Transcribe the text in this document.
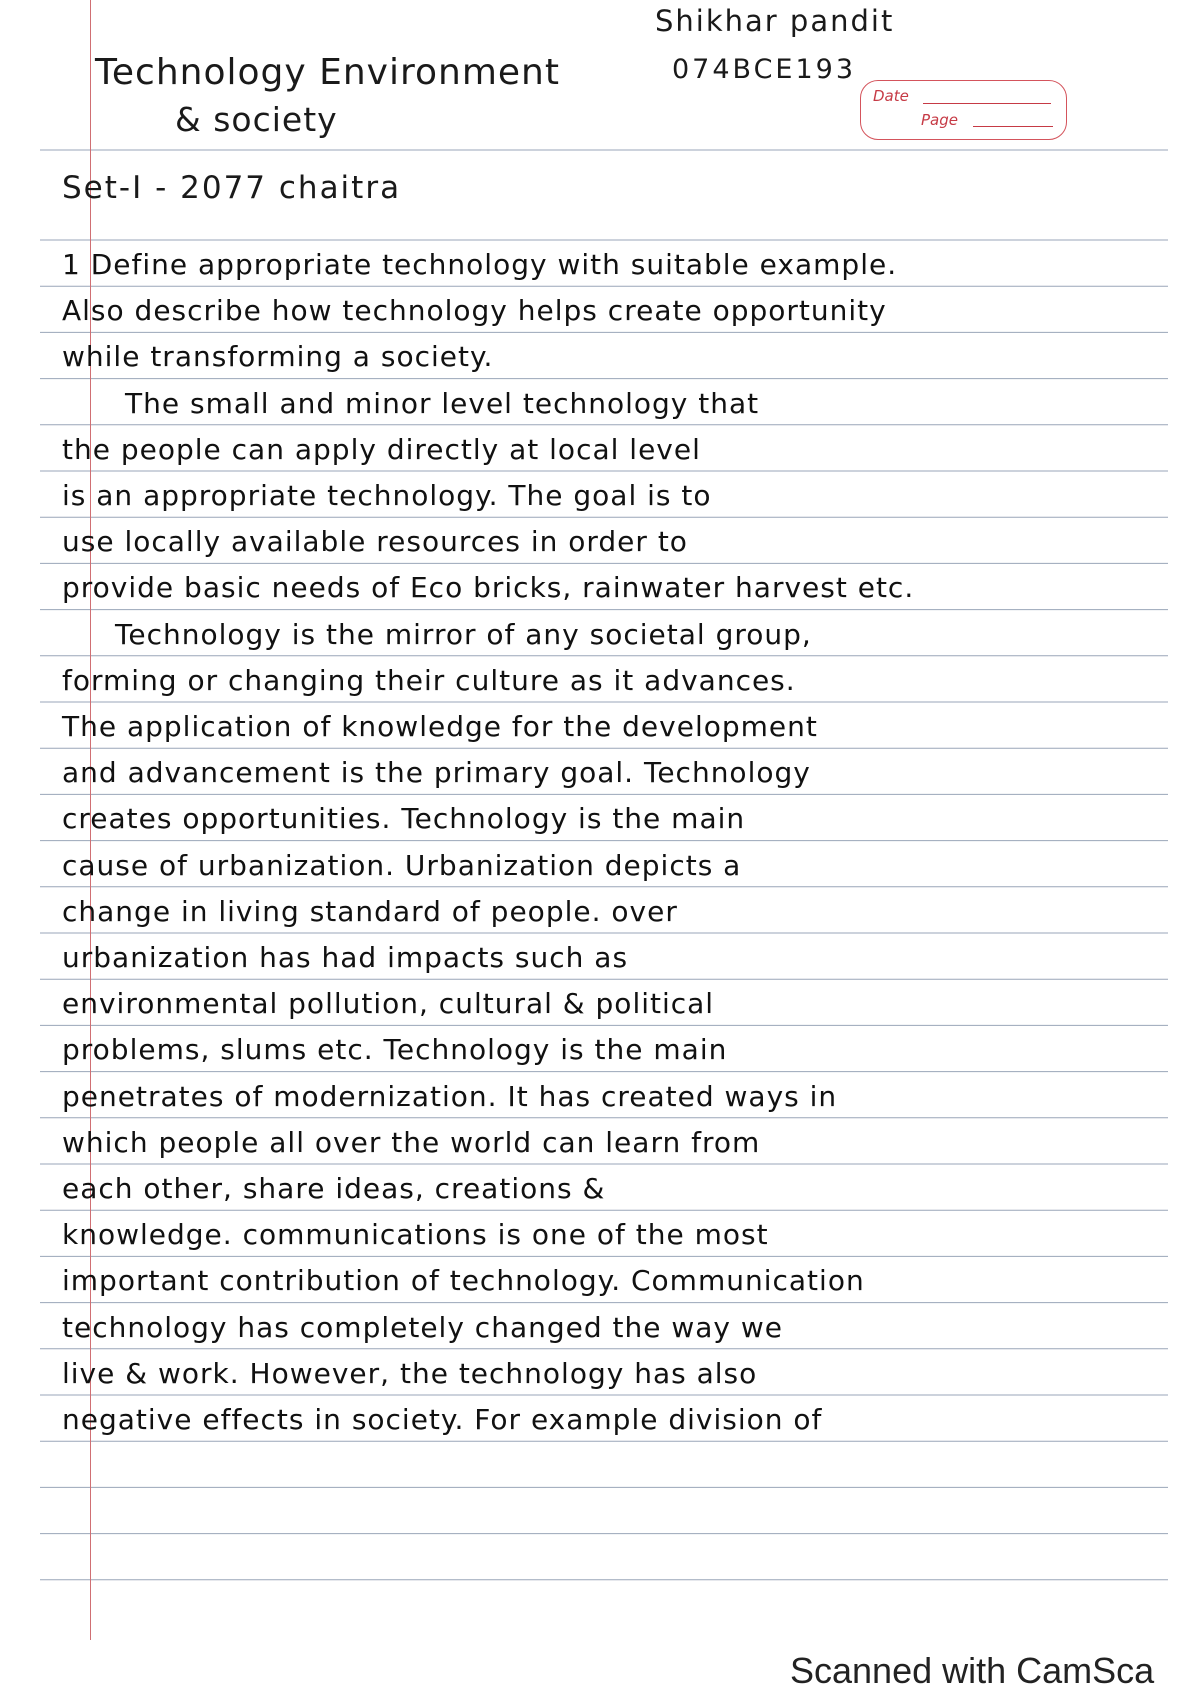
Shikhar pandit
074BCE193
Technology Environment
& society
Set-I - 2077 chaitra
Date
Page
1 Define appropriate technology with suitable example.
Also describe how technology helps create opportunity
while transforming a society.
The small and minor level technology that
the people can apply directly at local level
is an appropriate technology. The goal is to
use locally available resources in order to
provide basic needs of Eco bricks, rainwater harvest etc.
Technology is the mirror of any societal group,
forming or changing their culture as it advances.
The application of knowledge for the development
and advancement is the primary goal. Technology
creates opportunities. Technology is the main
cause of urbanization. Urbanization depicts a
change in living standard of people. over
urbanization has had impacts such as
environmental pollution, cultural & political
problems, slums etc. Technology is the main
penetrates of modernization. It has created ways in
which people all over the world can learn from
each other, share ideas, creations &
knowledge. communications is one of the most
important contribution of technology. Communication
technology has completely changed the way we
live & work. However, the technology has also
negative effects in society. For example division of
Scanned with CamSca
